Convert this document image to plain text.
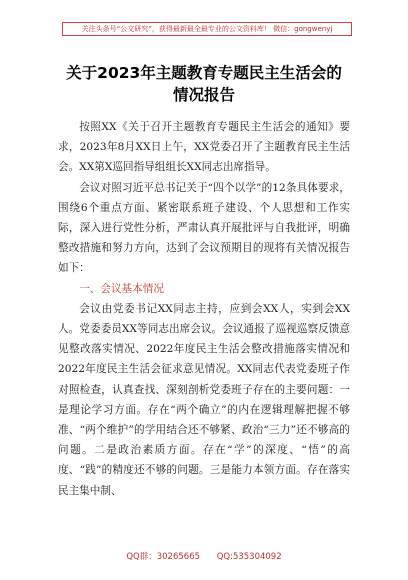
关注头条号“公文研究”，获得最新最全最专业的公文资料库！ 微信：gongwenyj
关于2023年主题教育专题民主生活会的
情况报告

按照XX《关于召开主题教育专题民主生活会的通知》要求，2023年8月XX日上午，XX党委召开了主题教育民主生活会。XX第X巡回指导组组长XX同志出席指导。

会议对照习近平总书记关于“四个以学”的12条具体要求，围绕6个重点方面、紧密联系班子建设、个人思想和工作实际，深入进行党性分析，严肃认真开展批评与自我批评，明确整改措施和努力方向，达到了会议预期目的现将有关情况报告如下：

一、会议基本情况

会议由党委书记XX同志主持，应到会XX人，实到会XX人。党委委员XX等同志出席会议。会议通报了巡视巡察反馈意见整改落实情况、2022年度民主生活会整改措施落实情况和2022年度民主生活会征求意见情况。XX同志代表党委班子作对照检查，认真查找、深刻剖析党委班子存在的主要问题：一是理论学习方面。存在“两个确立”的内在逻辑理解把握不够准、“两个维护”的学用结合还不够紧、政治“三力”还不够高的问题。二是政治素质方面。存在“学”的深度、“悟”的高度、“践”的精度还不够的问题。三是能力本领方面。存在落实民主集中制、

QQ群：30265665 QQ:535304092
